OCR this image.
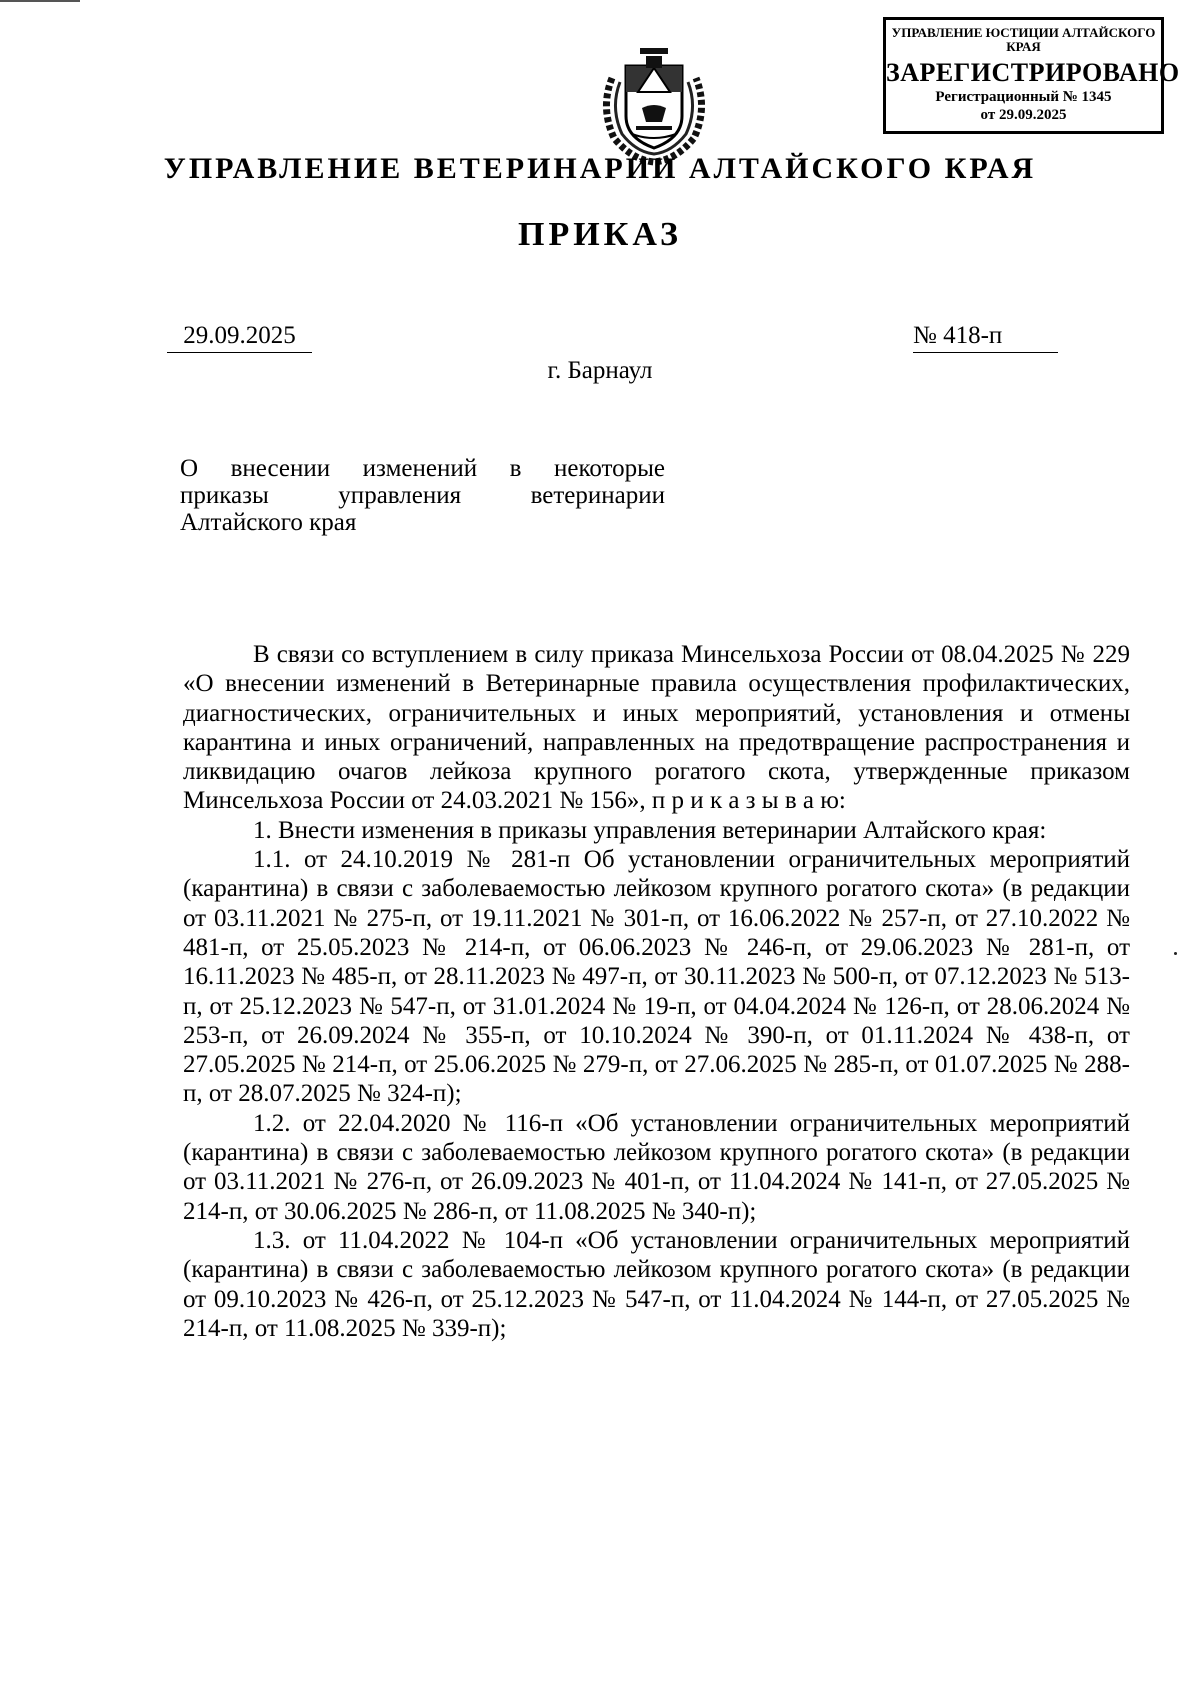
УПРАВЛЕНИЕ ЮСТИЦИИ АЛТАЙСКОГО КРАЯ
ЗАРЕГИСТРИРОВАНО
Регистрационный № 1345
от 29.09.2025
УПРАВЛЕНИЕ ВЕТЕРИНАРИИ АЛТАЙСКОГО КРАЯ
ПРИКАЗ
29.09.2025	№ 418-п
г. Барнаул
О внесении изменений в некоторые
приказы управления ветеринарии
Алтайского края

В связи со вступлением в силу приказа Минсельхоза России от 08.04.2025 № 229 «О внесении изменений в Ветеринарные правила осуществления профилактических, диагностических, ограничительных и иных мероприятий, установления и отмены карантина и иных ограничений, направленных на предотвращение распространения и ликвидацию очагов лейкоза крупного рогатого скота, утвержденные приказом Минсельхоза России от 24.03.2021 № 156», п р и к а з ы в а ю:

1. Внести изменения в приказы управления ветеринарии Алтайского края:

1.1. от 24.10.2019 № 281-п Об установлении ограничительных мероприятий (карантина) в связи с заболеваемостью лейкозом крупного рогатого скота» (в редакции от 03.11.2021 № 275-п, от 19.11.2021 № 301-п, от 16.06.2022 № 257-п, от 27.10.2022 № 481-п, от 25.05.2023 № 214-п, от 06.06.2023 № 246-п, от 29.06.2023 № 281-п, от 16.11.2023 № 485-п, от 28.11.2023 № 497-п, от 30.11.2023 № 500-п, от 07.12.2023 № 513-п, от 25.12.2023 № 547-п, от 31.01.2024 № 19-п, от 04.04.2024 № 126-п, от 28.06.2024 № 253-п, от 26.09.2024 № 355-п, от 10.10.2024 № 390-п, от 01.11.2024 № 438-п, от 27.05.2025 № 214-п, от 25.06.2025 № 279-п, от 27.06.2025 № 285-п, от 01.07.2025 № 288-п, от 28.07.2025 № 324-п);

1.2. от 22.04.2020 № 116-п «Об установлении ограничительных мероприятий (карантина) в связи с заболеваемостью лейкозом крупного рогатого скота» (в редакции от 03.11.2021 № 276-п, от 26.09.2023 № 401-п, от 11.04.2024 № 141-п, от 27.05.2025 № 214-п, от 30.06.2025 № 286-п, от 11.08.2025 № 340-п);

1.3. от 11.04.2022 № 104-п «Об установлении ограничительных мероприятий (карантина) в связи с заболеваемостью лейкозом крупного рогатого скота» (в редакции от 09.10.2023 № 426-п, от 25.12.2023 № 547-п, от 11.04.2024 № 144-п, от 27.05.2025 № 214-п, от 11.08.2025 № 339-п);
